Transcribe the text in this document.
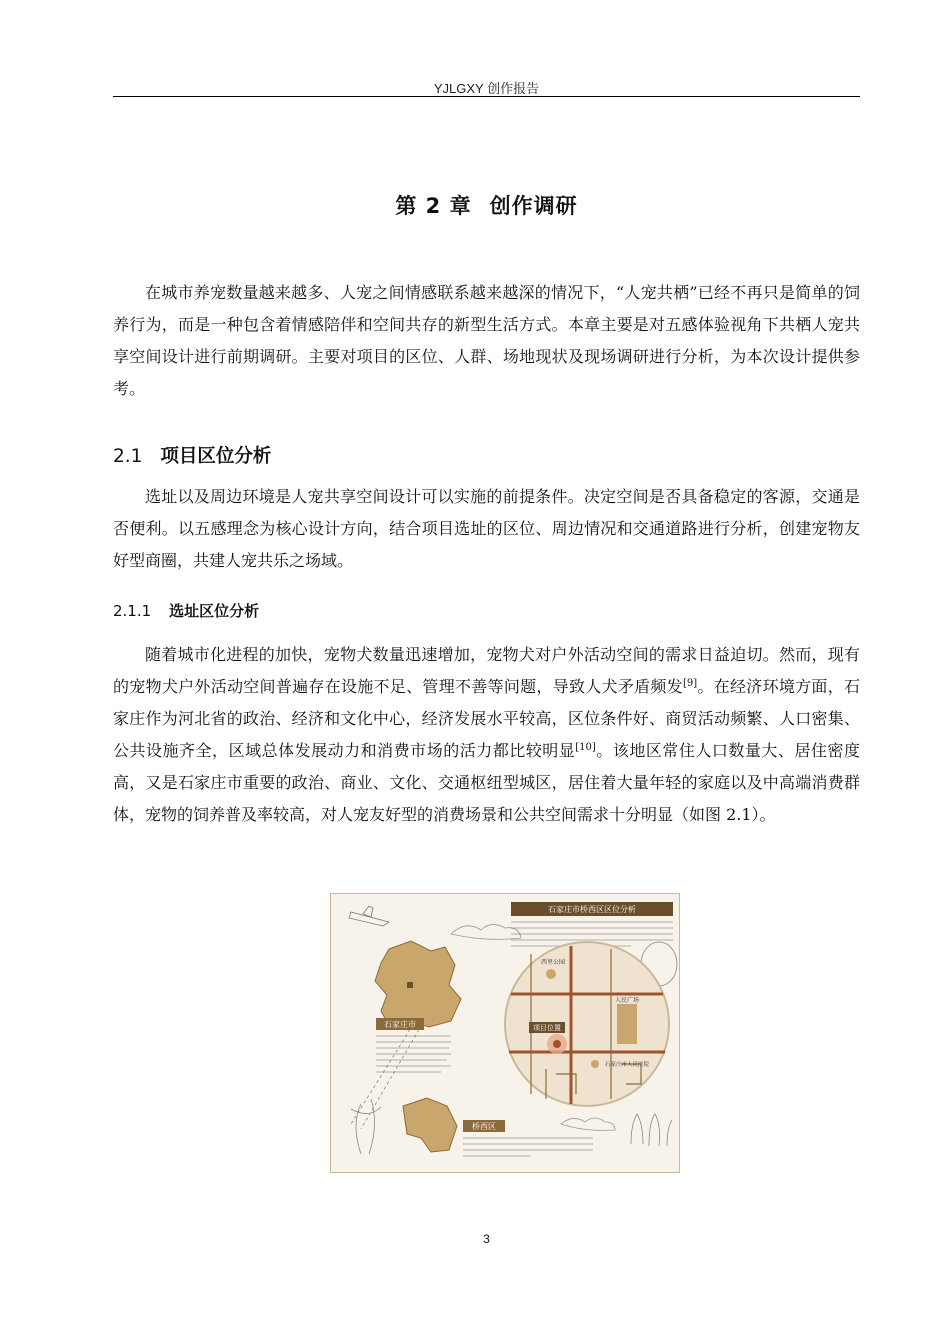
YJLGXY 创作报告
第 2 章 创作调研

在城市养宠数量越来越多、人宠之间情感联系越来越深的情况下，“人宠共栖”已经不再只是简单的饲养行为，而是一种包含着情感陪伴和空间共存的新型生活方式。本章主要是对五感体验视角下共栖人宠共享空间设计进行前期调研。主要对项目的区位、人群、场地现状及现场调研进行分析，为本次设计提供参考。

2.1 项目区位分析

选址以及周边环境是人宠共享空间设计可以实施的前提条件。决定空间是否具备稳定的客源，交通是否便利。以五感理念为核心设计方向，结合项目选址的区位、周边情况和交通道路进行分析，创建宠物友好型商圈，共建人宠共乐之场域。

2.1.1 选址区位分析

随着城市化进程的加快，宠物犬数量迅速增加，宠物犬对户外活动空间的需求日益迫切。然而，现有的宠物犬户外活动空间普遍存在设施不足、管理不善等问题，导致人犬矛盾频发[9]。在经济环境方面，石家庄作为河北省的政治、经济和文化中心，经济发展水平较高，区位条件好、商贸活动频繁、人口密集、公共设施齐全，区域总体发展动力和消费市场的活力都比较明显[10]。该地区常住人口数量大、居住密度高，又是石家庄市重要的政治、商业、文化、交通枢纽型城区，居住着大量年轻的家庭以及中高端消费群体，宠物的饲养普及率较高，对人宠友好型的消费场景和公共空间需求十分明显（如图 2.1）。

石家庄市
桥西区
石家庄市桥西区区位分析
西里公园
人民广场
石家庄市人民医院
项目位置
3
